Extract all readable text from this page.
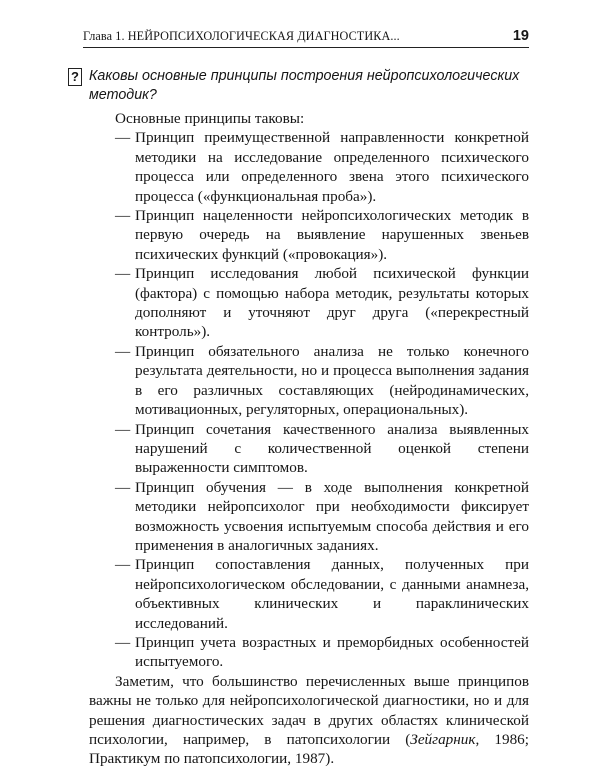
Глава 1. НЕЙРОПСИХОЛОГИЧЕСКАЯ ДИАГНОСТИКА...	19
? Каковы основные принципы построения нейропсихологических методик?

Основные принципы таковы:

— Принцип преимущественной направленности конкретной методики на исследование определенного психического процесса или определенного звена этого психического процесса («функциональная проба»).
— Принцип нацеленности нейропсихологических методик в первую очередь на выявление нарушенных звеньев психических функций («провокация»).
— Принцип исследования любой психической функции (фактора) с помощью набора методик, результаты которых дополняют и уточняют друг друга («перекрестный контроль»).
— Принцип обязательного анализа не только конечного результата деятельности, но и процесса выполнения задания в его различных составляющих (нейродинамических, мотивационных, регуляторных, операциональных).
— Принцип сочетания качественного анализа выявленных нарушений с количественной оценкой степени выраженности симптомов.
— Принцип обучения — в ходе выполнения конкретной методики нейропсихолог при необходимости фиксирует возможность усвоения испытуемым способа действия и его применения в аналогичных заданиях.
— Принцип сопоставления данных, полученных при нейропсихологическом обследовании, с данными анамнеза, объективных клинических и параклинических исследований.
— Принцип учета возрастных и преморбидных особенностей испытуемого.

Заметим, что большинство перечисленных выше принципов важны не только для нейропсихологической диагностики, но и для решения диагностических задач в других областях клинической психологии, например, в патопсихологии (Зейгарник, 1986; Практикум по патопсихологии, 1987).
